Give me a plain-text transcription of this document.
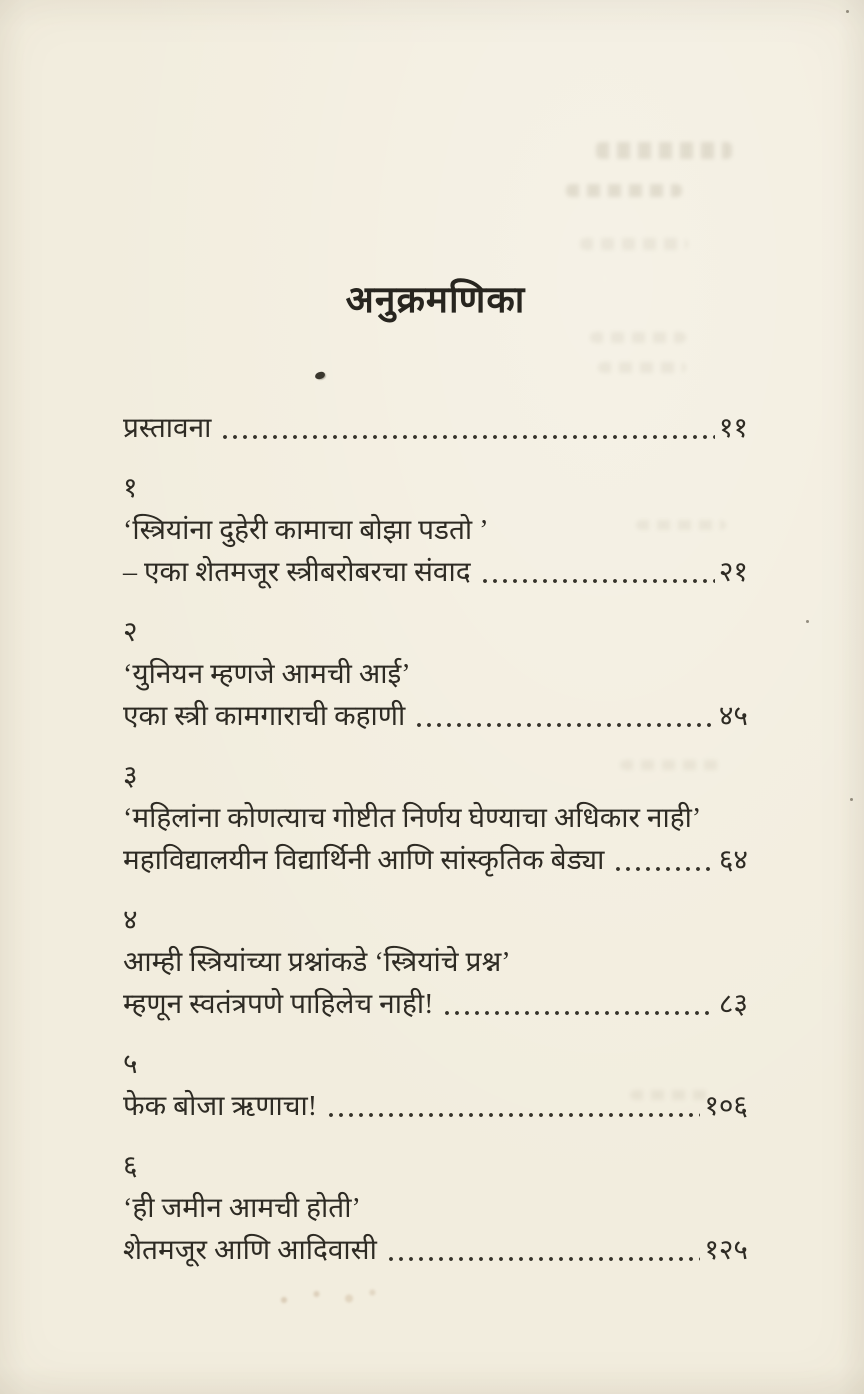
अनुक्रमणिका
प्रस्तावना	११
१
‘स्त्रियांना दुहेरी कामाचा बोझा पडतो ’
– एका शेतमजूर स्त्रीबरोबरचा संवाद	२१
२
‘युनियन म्हणजे आमची आई’
एका स्त्री कामगाराची कहाणी	४५
३
‘महिलांना कोणत्याच गोष्टीत निर्णय घेण्याचा अधिकार नाही’
महाविद्यालयीन विद्यार्थिनी आणि सांस्कृतिक बेड्या	६४
४
आम्ही स्त्रियांच्या प्रश्नांकडे ‘स्त्रियांचे प्रश्न’
म्हणून स्वतंत्रपणे पाहिलेच नाही!	८३
५
फेक बोजा ऋणाचा!	१०६
६
‘ही जमीन आमची होती’
शेतमजूर आणि आदिवासी	१२५
